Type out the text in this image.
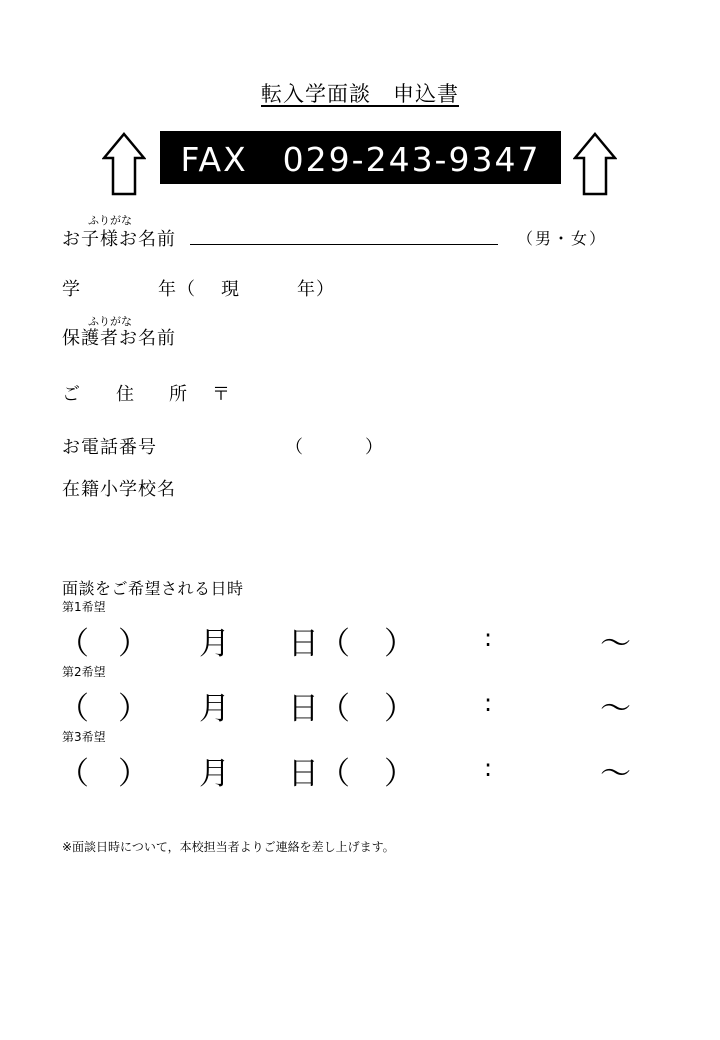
転入学面談　申込書
FAX　029-243-9347
ふりがな
お子様お名前	（男・女）
学	年（ 現	年）
ふりがな
保護者お名前
ご 住 所 〒
お電話番号	（	）
在籍小学校名
面談をご希望される日時
第1希望
（ ） 月 日（ ）	:	～
第2希望
（ ） 月 日（ ）	:	～
第3希望
（ ） 月 日（ ）	:	～
※面談日時について，本校担当者よりご連絡を差し上げます。
